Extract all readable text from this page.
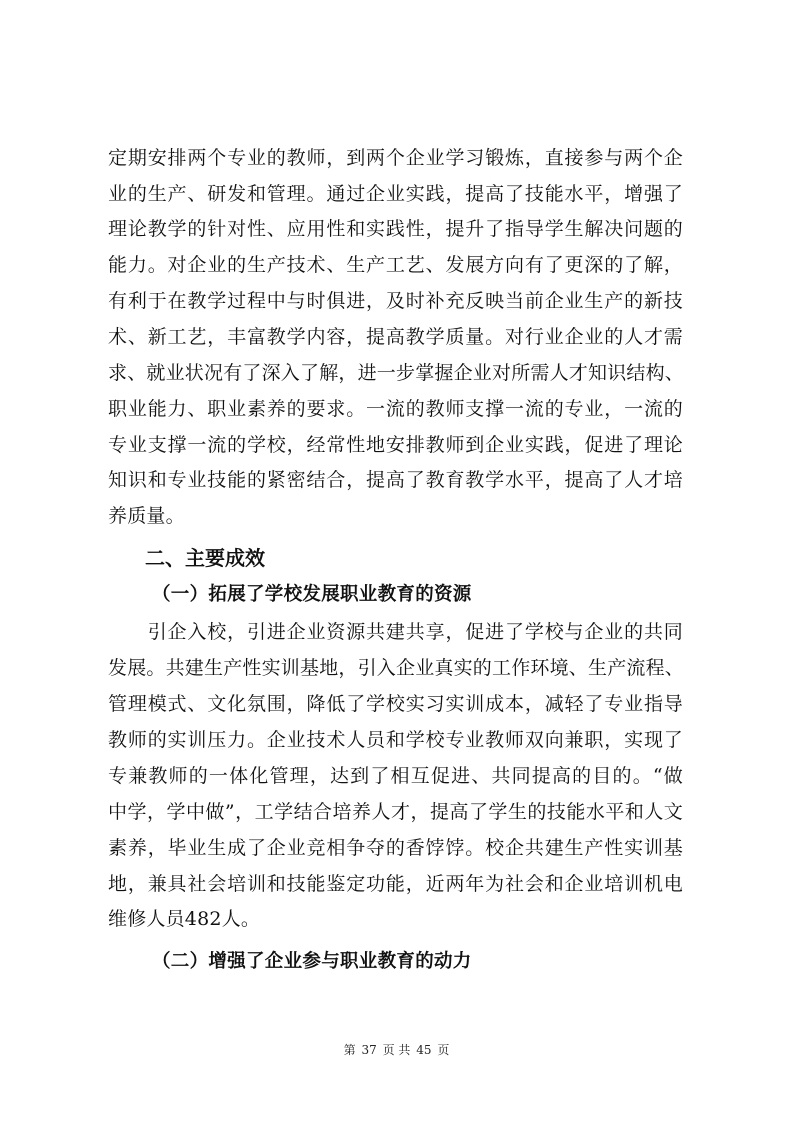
定期安排两个专业的教师，到两个企业学习锻炼，直接参与两个企
业的生产、研发和管理。通过企业实践，提高了技能水平，增强了
理论教学的针对性、应用性和实践性，提升了指导学生解决问题的
能力。对企业的生产技术、生产工艺、发展方向有了更深的了解，
有利于在教学过程中与时俱进，及时补充反映当前企业生产的新技
术、新工艺，丰富教学内容，提高教学质量。对行业企业的人才需
求、就业状况有了深入了解，进一步掌握企业对所需人才知识结构、
职业能力、职业素养的要求。一流的教师支撑一流的专业，一流的
专业支撑一流的学校，经常性地安排教师到企业实践，促进了理论
知识和专业技能的紧密结合，提高了教育教学水平，提高了人才培
养质量。
二、主要成效
（一）拓展了学校发展职业教育的资源
　　引企入校，引进企业资源共建共享，促进了学校与企业的共同
发展。共建生产性实训基地，引入企业真实的工作环境、生产流程、
管理模式、文化氛围，降低了学校实习实训成本，减轻了专业指导
教师的实训压力。企业技术人员和学校专业教师双向兼职，实现了
专兼教师的一体化管理，达到了相互促进、共同提高的目的。“做
中学，学中做”，工学结合培养人才，提高了学生的技能水平和人文
素养，毕业生成了企业竞相争夺的香饽饽。校企共建生产性实训基
地，兼具社会培训和技能鉴定功能，近两年为社会和企业培训机电
维修人员482人。
（二）增强了企业参与职业教育的动力
第 37 页 共 45 页
